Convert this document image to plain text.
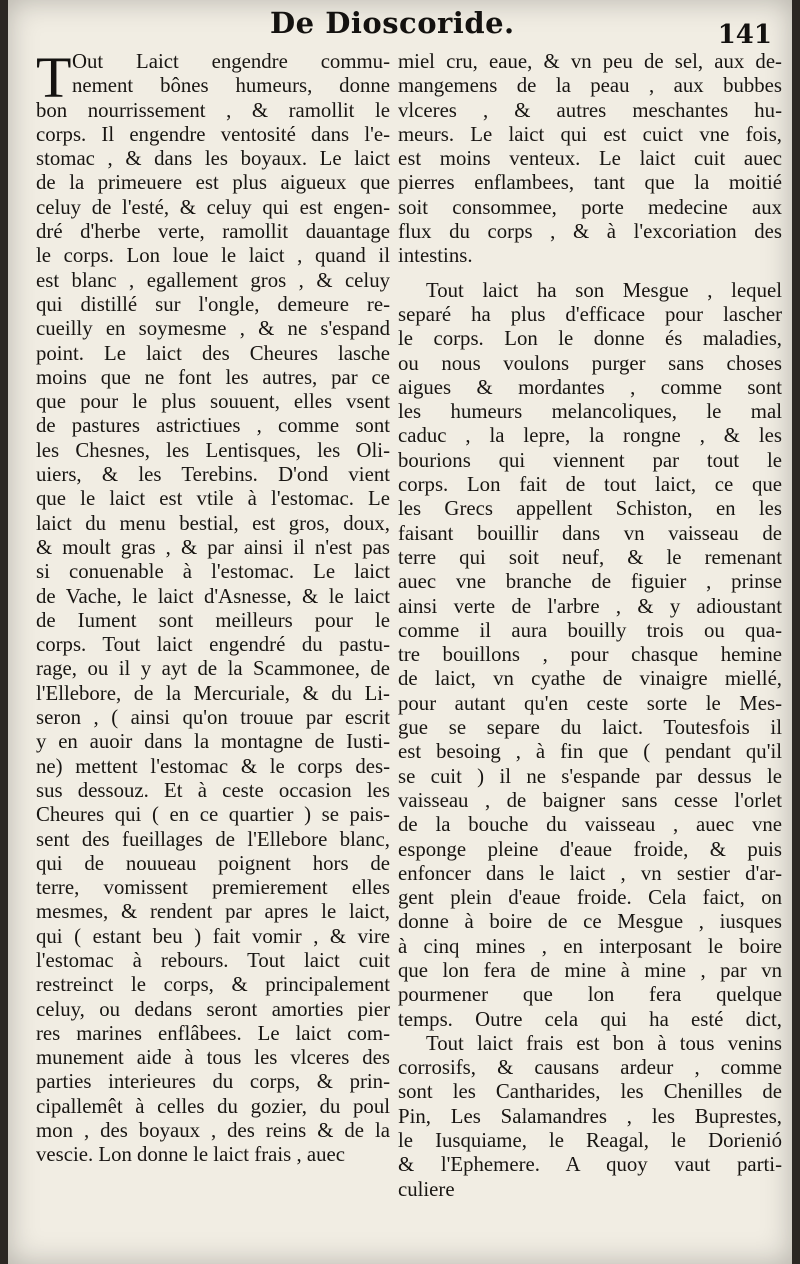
De Dioscoride.	141
T Out Laict engendre commu-
nement bônes humeurs, donne
bon nourrissement , & ramollit le
corps. Il engendre ventosité dans l'e-
stomac , & dans les boyaux. Le laict
de la primeuere est plus aigueux que
celuy de l'esté, & celuy qui est engen-
dré d'herbe verte, ramollit dauantage
le corps. Lon loue le laict , quand il
est blanc , egallement gros , & celuy
qui distillé sur l'ongle, demeure re-
cueilly en soymesme , & ne s'espand
point. Le laict des Cheures lasche
moins que ne font les autres, par ce
que pour le plus souuent, elles vsent
de pastures astrictiues , comme sont
les Chesnes, les Lentisques, les Oli-
uiers, & les Terebins. D'ond vient
que le laict est vtile à l'estomac. Le
laict du menu bestial, est gros, doux,
& moult gras , & par ainsi il n'est pas
si conuenable à l'estomac. Le laict
de Vache, le laict d'Asnesse, & le laict
de Iument sont meilleurs pour le
corps. Tout laict engendré du pastu-
rage, ou il y ayt de la Scammonee, de
l'Ellebore, de la Mercuriale, & du Li-
seron , ( ainsi qu'on trouue par escrit
y en auoir dans la montagne de Iusti-
ne) mettent l'estomac & le corps des-
sus dessouz. Et à ceste occasion les
Cheures qui ( en ce quartier ) se pais-
sent des fueillages de l'Ellebore blanc,
qui de nouueau poignent hors de
terre, vomissent premierement elles
mesmes, & rendent par apres le laict,
qui ( estant beu ) fait vomir , & vire
l'estomac à rebours. Tout laict cuit
restreinct le corps, & principalement
celuy, ou dedans seront amorties pier
res marines enflâbees. Le laict com-
munement aide à tous les vlceres des
parties interieures du corps, & prin-
cipallemêt à celles du gozier, du poul
mon , des boyaux , des reins & de la
vescie. Lon donne le laict frais , auec
miel cru, eaue, & vn peu de sel, aux de-
mangemens de la peau , aux bubbes
vlceres , & autres meschantes hu-
meurs. Le laict qui est cuict vne fois,
est moins venteux. Le laict cuit auec
pierres enflambees, tant que la moitié
soit consommee, porte medecine aux
flux du corps , & à l'excoriation des
intestins.
Tout laict ha son Mesgue , lequel
separé ha plus d'efficace pour lascher
le corps. Lon le donne és maladies,
ou nous voulons purger sans choses
aigues & mordantes , comme sont
les humeurs melancoliques, le mal
caduc , la lepre, la rongne , & les
bourions qui viennent par tout le
corps. Lon fait de tout laict, ce que
les Grecs appellent Schiston, en les
faisant bouillir dans vn vaisseau de
terre qui soit neuf, & le remenant
auec vne branche de figuier , prinse
ainsi verte de l'arbre , & y adioustant
comme il aura bouilly trois ou qua-
tre bouillons , pour chasque hemine
de laict, vn cyathe de vinaigre miellé,
pour autant qu'en ceste sorte le Mes-
gue se separe du laict. Toutesfois il
est besoing , à fin que ( pendant qu'il
se cuit ) il ne s'espande par dessus le
vaisseau , de baigner sans cesse l'orlet
de la bouche du vaisseau , auec vne
esponge pleine d'eaue froide, & puis
enfoncer dans le laict , vn sestier d'ar-
gent plein d'eaue froide. Cela faict, on
donne à boire de ce Mesgue , iusques
à cinq mines , en interposant le boire
que lon fera de mine à mine , par vn
pourmener que lon fera quelque
temps. Outre cela qui ha esté dict,
Tout laict frais est bon à tous venins
corrosifs, & causans ardeur , comme
sont les Cantharides, les Chenilles de
Pin, Les Salamandres , les Buprestes,
le Iusquiame, le Reagal, le Dorienió
& l'Ephemere. A quoy vaut parti-
culiere
